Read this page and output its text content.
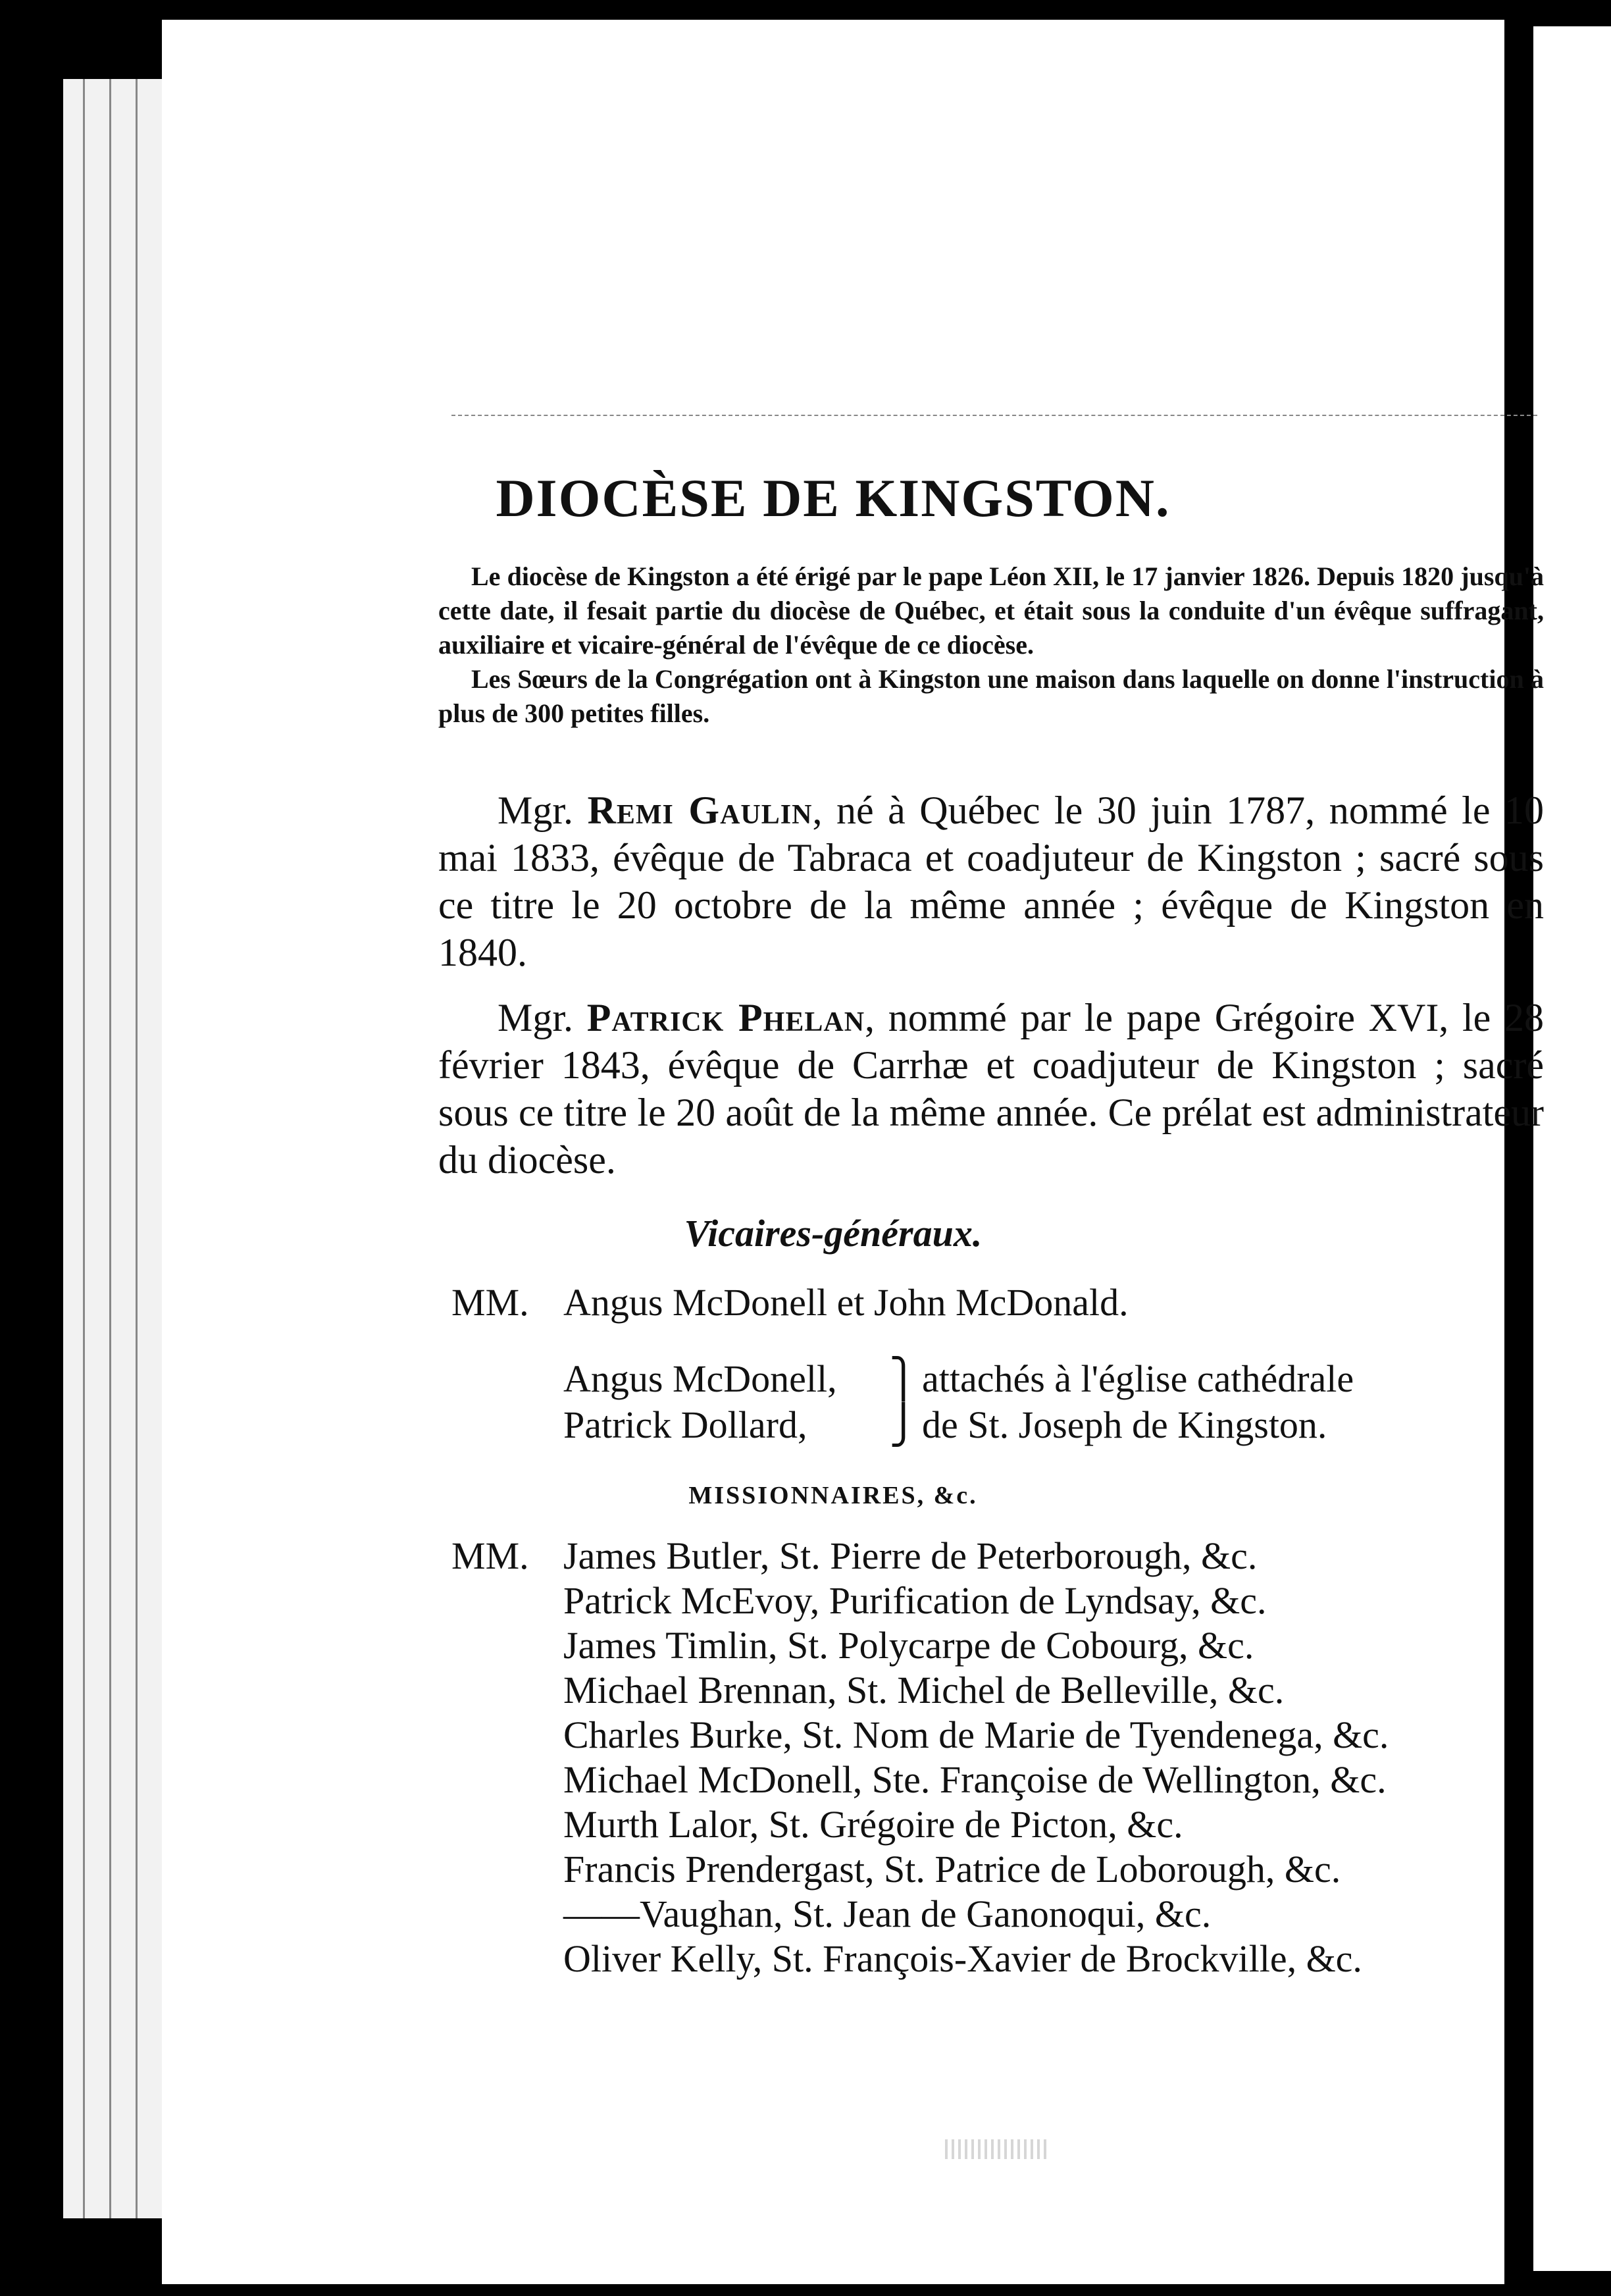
DIOCÈSE DE KINGSTON.

Le diocèse de Kingston a été érigé par le pape Léon XII, le 17 janvier 1826. Depuis 1820 jusqu'à cette date, il fesait partie du diocèse de Québec, et était sous la conduite d'un évêque suffragant, auxiliaire et vicaire-général de l'évêque de ce diocèse.

Les Sœurs de la Congrégation ont à Kingston une maison dans laquelle on donne l'instruction à plus de 300 petites filles.

Mgr. Remi Gaulin, né à Québec le 30 juin 1787, nommé le 10 mai 1833, évêque de Tabraca et coadjuteur de Kingston ; sacré sous ce titre le 20 octobre de la même année ; évêque de Kingston en 1840.

Mgr. Patrick Phelan, nommé par le pape Grégoire XVI, le 28 février 1843, évêque de Carrhæ et coadjuteur de Kingston ; sacré sous ce titre le 20 août de la même année. Ce prélat est administrateur du diocèse.

Vicaires-généraux.
MM. Angus McDonell et John McDonald.
Angus McDonell,
Patrick Dollard,
⎫
⎭
attachés à l'église cathédrale
de St. Joseph de Kingston.
MISSIONNAIRES, &c.
MM. James Butler, St. Pierre de Peterborough, &c.
Patrick McEvoy, Purification de Lyndsay, &c.
James Timlin, St. Polycarpe de Cobourg, &c.
Michael Brennan, St. Michel de Belleville, &c.
Charles Burke, St. Nom de Marie de Tyendenega, &c.
Michael McDonell, Ste. Françoise de Wellington, &c.
Murth Lalor, St. Grégoire de Picton, &c.
Francis Prendergast, St. Patrice de Loborough, &c.
——Vaughan, St. Jean de Ganonoqui, &c.
Oliver Kelly, St. François-Xavier de Brockville, &c.
